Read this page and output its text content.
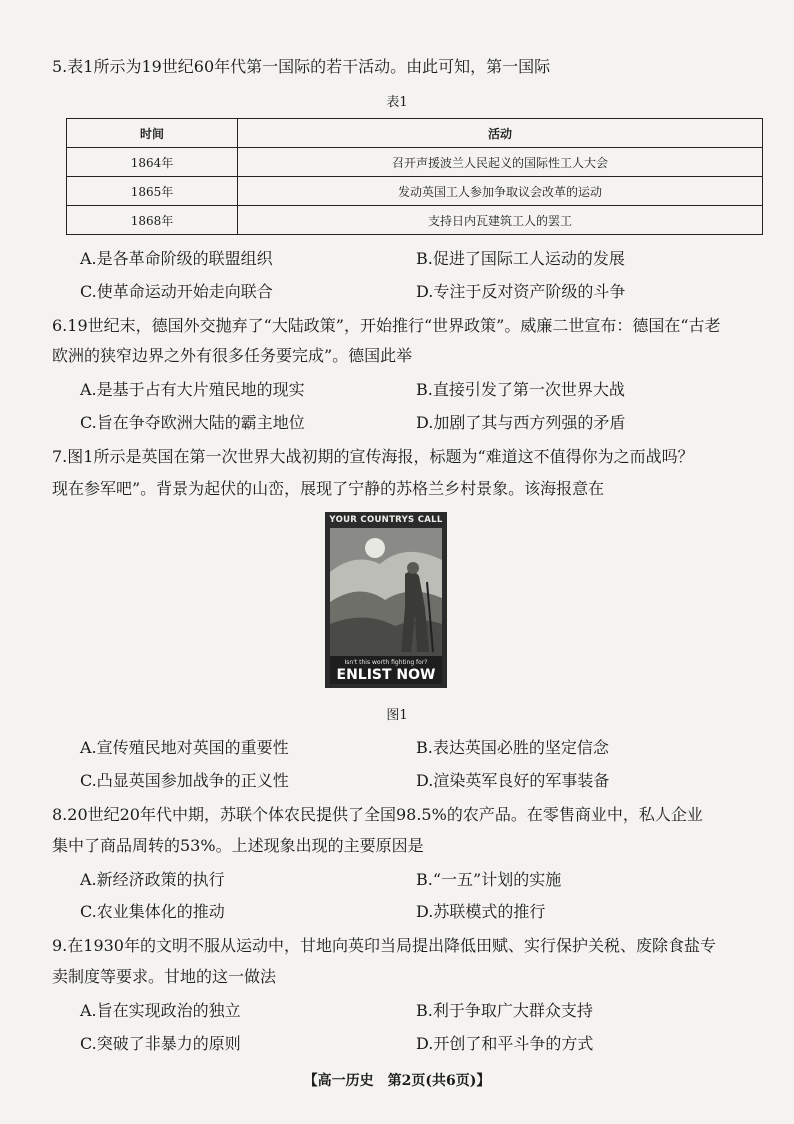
5.表1所示为19世纪60年代第一国际的若干活动。由此可知，第一国际
表1
时间	活动
1864年	召开声援波兰人民起义的国际性工人大会
1865年	发动英国工人参加争取议会改革的运动
1868年	支持日内瓦建筑工人的罢工
A.是各革命阶级的联盟组织	B.促进了国际工人运动的发展
C.使革命运动开始走向联合	D.专注于反对资产阶级的斗争
6.19世纪末，德国外交抛弃了“大陆政策”，开始推行“世界政策”。威廉二世宣布：德国在“古老
欧洲的狭窄边界之外有很多任务要完成”。德国此举
A.是基于占有大片殖民地的现实	B.直接引发了第一次世界大战
C.旨在争夺欧洲大陆的霸主地位	D.加剧了其与西方列强的矛盾
7.图1所示是英国在第一次世界大战初期的宣传海报，标题为“难道这不值得你为之而战吗？
现在参军吧”。背景为起伏的山峦，展现了宁静的苏格兰乡村景象。该海报意在
YOUR COUNTRYS CALL
Isn't this worth fighting for?
ENLIST NOW
图1
A.宣传殖民地对英国的重要性	B.表达英国必胜的坚定信念
C.凸显英国参加战争的正义性	D.渲染英军良好的军事装备
8.20世纪20年代中期，苏联个体农民提供了全国98.5%的农产品。在零售商业中，私人企业
集中了商品周转的53%。上述现象出现的主要原因是
A.新经济政策的执行	B.“一五”计划的实施
C.农业集体化的推动	D.苏联模式的推行
9.在1930年的文明不服从运动中，甘地向英印当局提出降低田赋、实行保护关税、废除食盐专
卖制度等要求。甘地的这一做法
A.旨在实现政治的独立	B.利于争取广大群众支持
C.突破了非暴力的原则	D.开创了和平斗争的方式
【高一历史　第2页(共6页)】
